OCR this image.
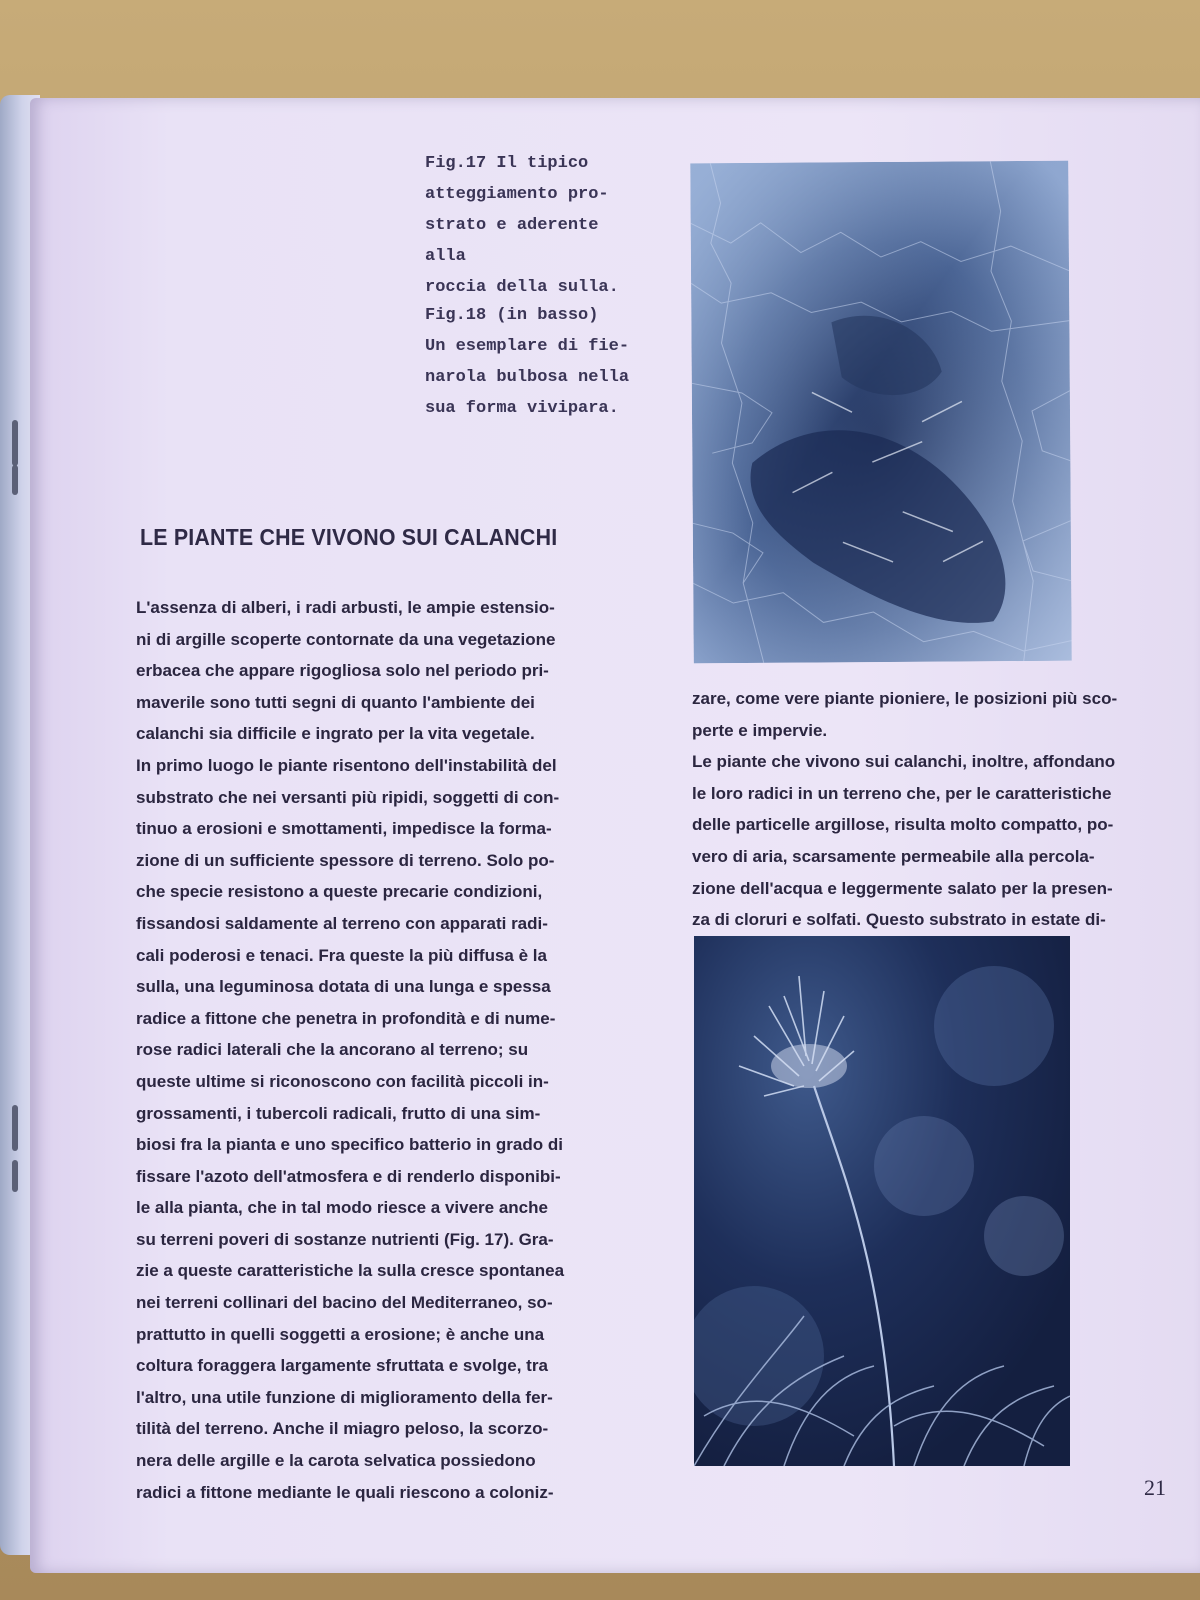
Fig.17 Il tipico
atteggiamento pro-
strato e aderente alla
roccia della sulla.

Fig.18 (in basso)
Un esemplare di fie-
narola bulbosa nella
sua forma vivipara.

LE PIANTE CHE VIVONO SUI CALANCHI

L'assenza di alberi, i radi arbusti, le ampie estensio-
ni di argille scoperte contornate da una vegetazione
erbacea che appare rigogliosa solo nel periodo pri-
maverile sono tutti segni di quanto l'ambiente dei
calanchi sia difficile e ingrato per la vita vegetale.
In primo luogo le piante risentono dell'instabilità del
substrato che nei versanti più ripidi, soggetti di con-
tinuo a erosioni e smottamenti, impedisce la forma-
zione di un sufficiente spessore di terreno. Solo po-
che specie resistono a queste precarie condizioni,
fissandosi saldamente al terreno con apparati radi-
cali poderosi e tenaci. Fra queste la più diffusa è la
sulla, una leguminosa dotata di una lunga e spessa
radice a fittone che penetra in profondità e di nume-
rose radici laterali che la ancorano al terreno; su
queste ultime si riconoscono con facilità piccoli in-
grossamenti, i tubercoli radicali, frutto di una sim-
biosi fra la pianta e uno specifico batterio in grado di
fissare l'azoto dell'atmosfera e di renderlo disponibi-
le alla pianta, che in tal modo riesce a vivere anche
su terreni poveri di sostanze nutrienti (Fig. 17). Gra-
zie a queste caratteristiche la sulla cresce spontanea
nei terreni collinari del bacino del Mediterraneo, so-
prattutto in quelli soggetti a erosione; è anche una
coltura foraggera largamente sfruttata e svolge, tra
l'altro, una utile funzione di miglioramento della fer-
tilità del terreno. Anche il miagro peloso, la scorzo-
nera delle argille e la carota selvatica possiedono
radici a fittone mediante le quali riescono a coloniz-

zare, come vere piante pioniere, le posizioni più sco-
perte e impervie.
Le piante che vivono sui calanchi, inoltre, affondano
le loro radici in un terreno che, per le caratteristiche
delle particelle argillose, risulta molto compatto, po-
vero di aria, scarsamente permeabile alla percola-
zione dell'acqua e leggermente salato per la presen-
za di cloruri e solfati. Questo substrato in estate di-

21
